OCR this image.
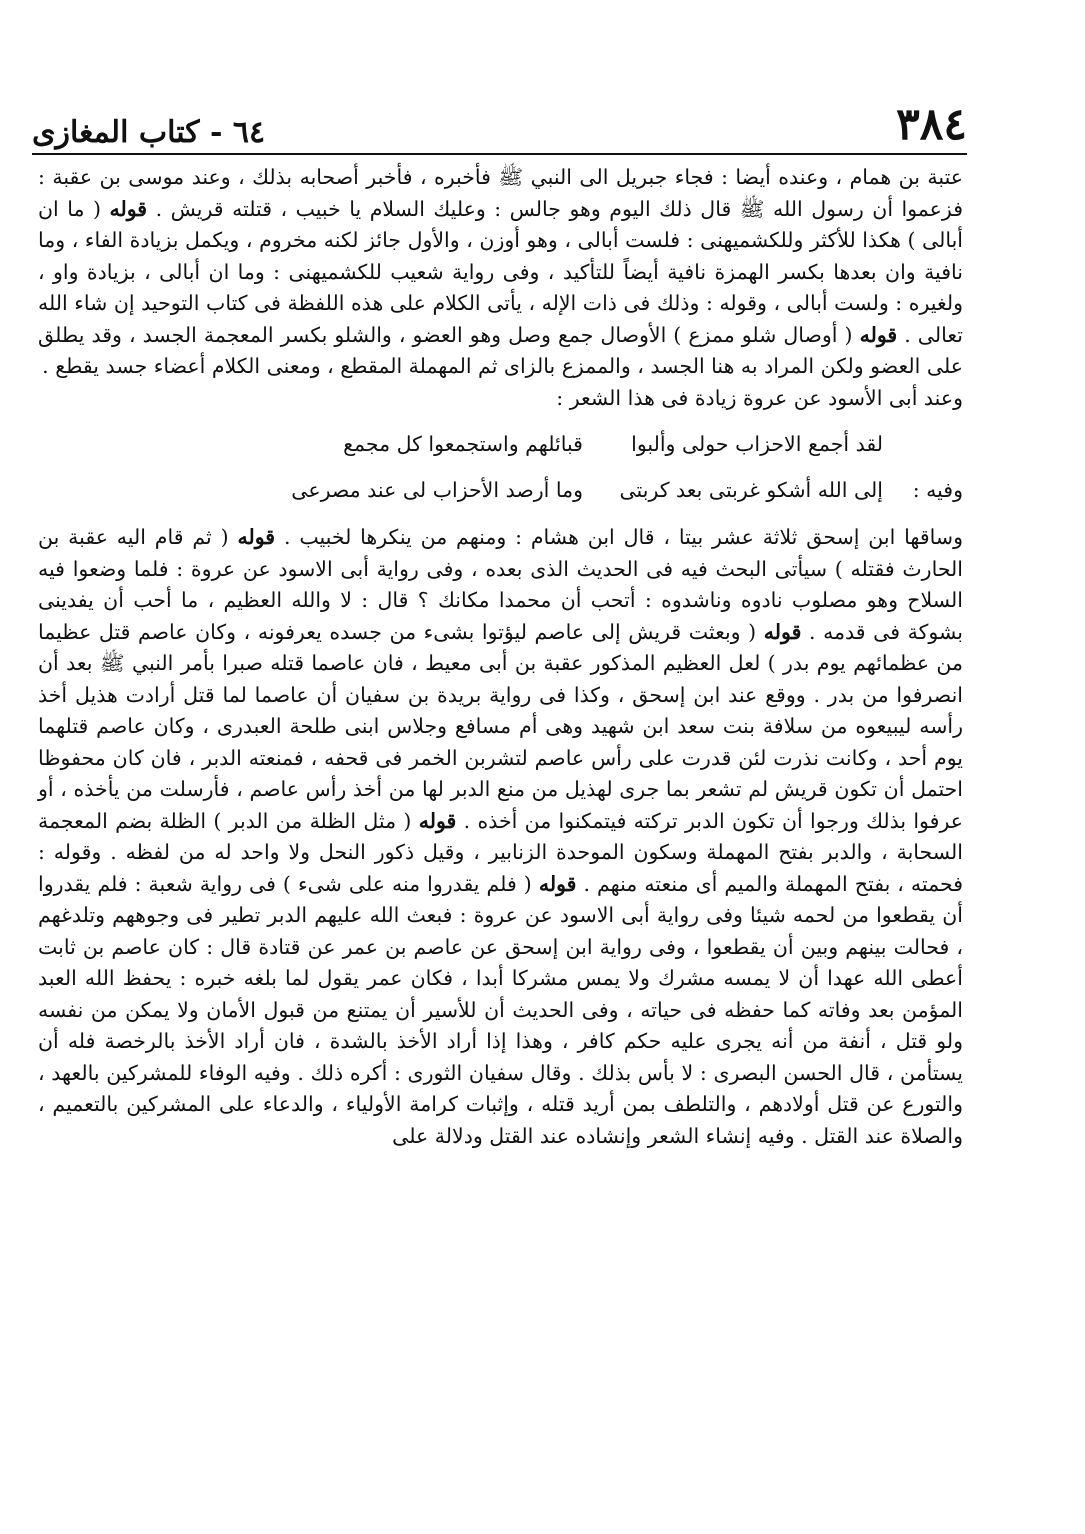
٦٤ - كتاب المغازى	٣٨٤

عتبة بن همام ، وعنده أيضا : فجاء جبريل الى النبي ﷺ فأخبره ، فأخبر أصحابه بذلك ، وعند موسى بن عقبة : فزعموا أن رسول الله ﷺ قال ذلك اليوم وهو جالس : وعليك السلام يا خبيب ، قتلته قريش . قوله ( ما ان أبالى ) هكذا للأكثر وللكشميهنى : فلست أبالى ، وهو أوزن ، والأول جائز لكنه مخروم ، ويكمل بزيادة الفاء ، وما نافية وان بعدها بكسر الهمزة نافية أيضاً للتأكيد ، وفى رواية شعيب للكشميهنى : وما ان أبالى ، بزيادة واو ، ولغيره : ولست أبالى ، وقوله : وذلك فى ذات الإله ، يأتى الكلام على هذه اللفظة فى كتاب التوحيد إن شاء الله تعالى . قوله ( أوصال شلو ممزع ) الأوصال جمع وصل وهو العضو ، والشلو بكسر المعجمة الجسد ، وقد يطلق على العضو ولكن المراد به هنا الجسد ، والممزع بالزاى ثم المهملة المقطع ، ومعنى الكلام أعضاء جسد يقطع .

وعند أبى الأسود عن عروة زيادة فى هذا الشعر :

لقد أجمع الاحزاب حولى وألبوا
قبائلهم واستجمعوا كل مجمع
وفيه :
إلى الله أشكو غربتى بعد كربتى
وما أرصد الأحزاب لى عند مصرعى

وساقها ابن إسحق ثلاثة عشر بيتا ، قال ابن هشام : ومنهم من ينكرها لخبيب . قوله ( ثم قام اليه عقبة بن الحارث فقتله ) سيأتى البحث فيه فى الحديث الذى بعده ، وفى رواية أبى الاسود عن عروة : فلما وضعوا فيه السلاح وهو مصلوب نادوه وناشدوه : أتحب أن محمدا مكانك ؟ قال : لا والله العظيم ، ما أحب أن يفدينى بشوكة فى قدمه . قوله ( وبعثت قريش إلى عاصم ليؤتوا بشىء من جسده يعرفونه ، وكان عاصم قتل عظيما من عظمائهم يوم بدر ) لعل العظيم المذكور عقبة بن أبى معيط ، فان عاصما قتله صبرا بأمر النبي ﷺ بعد أن انصرفوا من بدر . ووقع عند ابن إسحق ، وكذا فى رواية بريدة بن سفيان أن عاصما لما قتل أرادت هذيل أخذ رأسه ليبيعوه من سلافة بنت سعد ابن شهيد وهى أم مسافع وجلاس ابنى طلحة العبدرى ، وكان عاصم قتلهما يوم أحد ، وكانت نذرت لئن قدرت على رأس عاصم لتشربن الخمر فى قحفه ، فمنعته الدبر ، فان كان محفوظا احتمل أن تكون قريش لم تشعر بما جرى لهذيل من منع الدبر لها من أخذ رأس عاصم ، فأرسلت من يأخذه ، أو عرفوا بذلك ورجوا أن تكون الدبر تركته فيتمكنوا من أخذه . قوله ( مثل الظلة من الدبر ) الظلة بضم المعجمة السحابة ، والدبر بفتح المهملة وسكون الموحدة الزنابير ، وقيل ذكور النحل ولا واحد له من لفظه . وقوله : فحمته ، بفتح المهملة والميم أى منعته منهم . قوله ( فلم يقدروا منه على شىء ) فى رواية شعبة : فلم يقدروا أن يقطعوا من لحمه شيئا وفى رواية أبى الاسود عن عروة : فبعث الله عليهم الدبر تطير فى وجوههم وتلدغهم ، فحالت بينهم وبين أن يقطعوا ، وفى رواية ابن إسحق عن عاصم بن عمر عن قتادة قال : كان عاصم بن ثابت أعطى الله عهدا أن لا يمسه مشرك ولا يمس مشركا أبدا ، فكان عمر يقول لما بلغه خبره : يحفظ الله العبد المؤمن بعد وفاته كما حفظه فى حياته ، وفى الحديث أن للأسير أن يمتنع من قبول الأمان ولا يمكن من نفسه ولو قتل ، أنفة من أنه يجرى عليه حكم كافر ، وهذا إذا أراد الأخذ بالشدة ، فان أراد الأخذ بالرخصة فله أن يستأمن ، قال الحسن البصرى : لا بأس بذلك . وقال سفيان الثورى : أكره ذلك . وفيه الوفاء للمشركين بالعهد ، والتورع عن قتل أولادهم ، والتلطف بمن أريد قتله ، وإثبات كرامة الأولياء ، والدعاء على المشركين بالتعميم ، والصلاة عند القتل . وفيه إنشاء الشعر وإنشاده عند القتل ودلالة على
